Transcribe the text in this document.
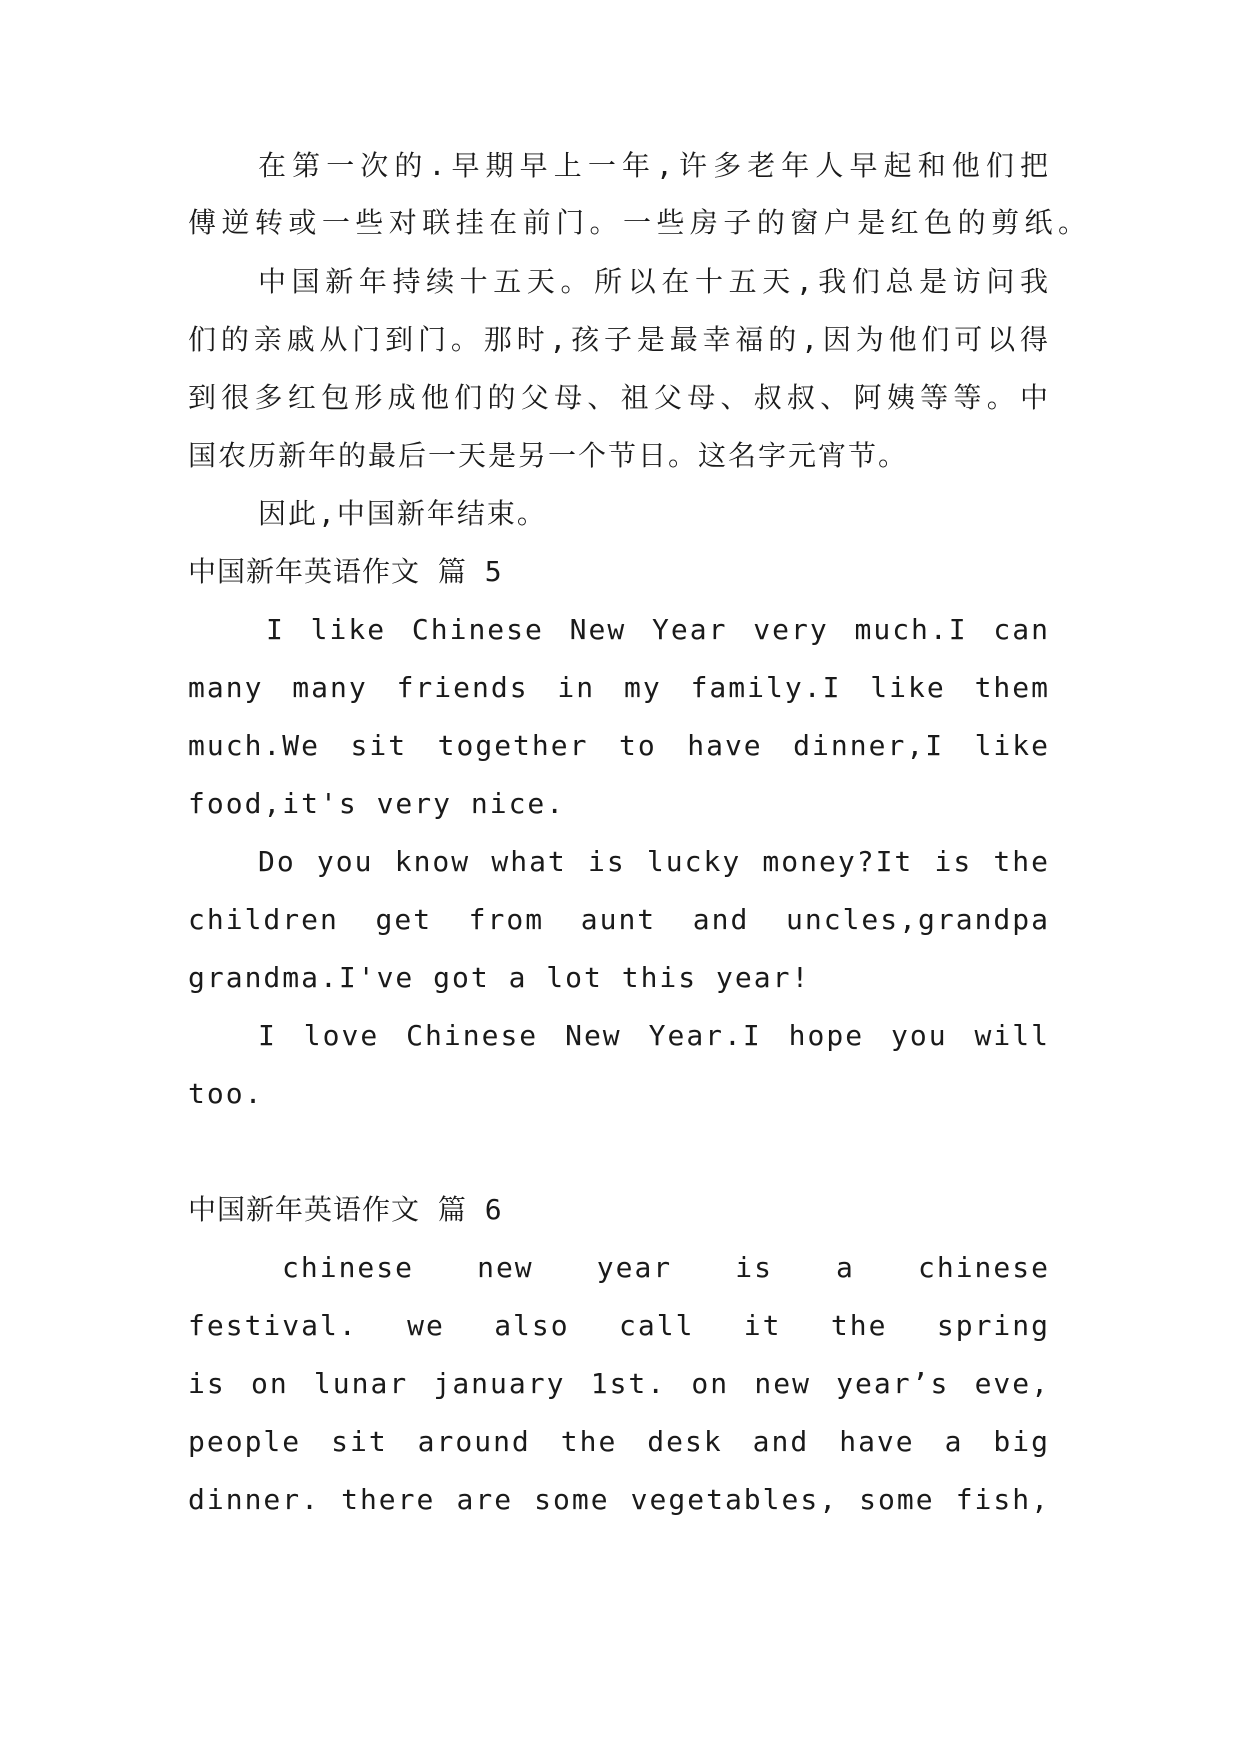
在第一次的.早期早上一年,许多老年人早起和他们把
傅逆转或一些对联挂在前门。一些房子的窗户是红色的剪纸。
中国新年持续十五天。所以在十五天,我们总是访问我
们的亲戚从门到门。那时,孩子是最幸福的,因为他们可以得
到很多红包形成他们的父母、祖父母、叔叔、阿姨等等。中
国农历新年的最后一天是另一个节日。这名字元宵节。
因此,中国新年结束。
中国新年英语作文 篇 5
I like Chinese New Year very much.I can
many many friends in my family.I like them
much.We sit together to have dinner,I like
food,it's very nice.
Do you know what is lucky money?It is the
children get from aunt and uncles,grandpa
grandma.I've got a lot this year!
I love Chinese New Year.I hope you will
too.
中国新年英语作文 篇 6
chinese new year is a chinese
festival. we also call it the spring
is on lunar january 1st. on new year’s eve,
people sit around the desk and have a big
dinner. there are some vegetables, some fish,
